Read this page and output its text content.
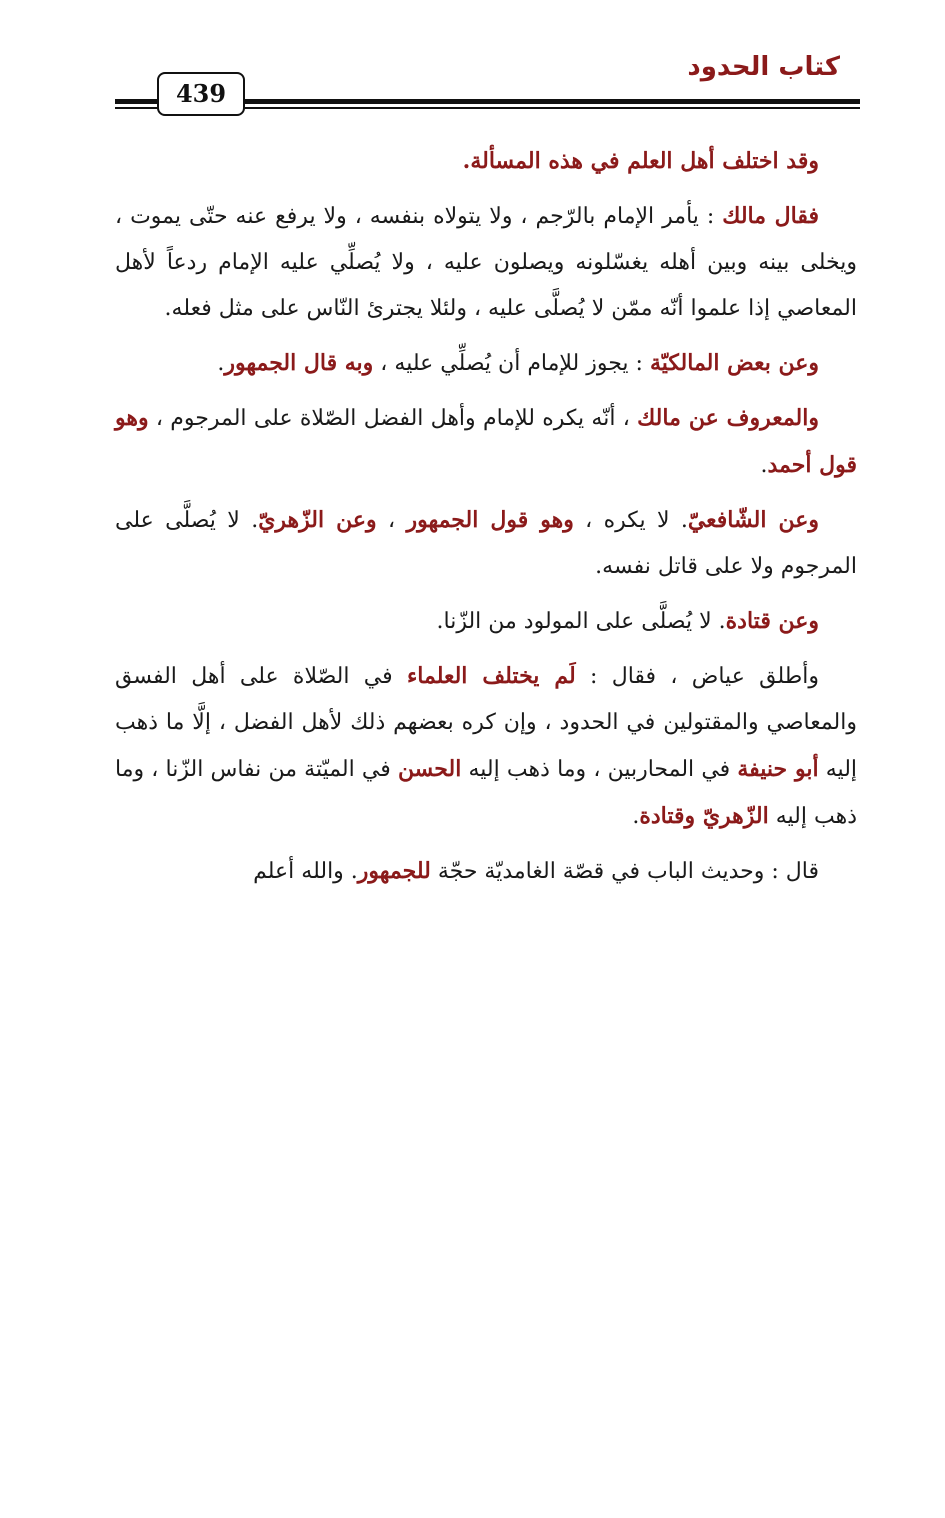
كتاب الحدود
439

وقد اختلف أهل العلم في هذه المسألة.

فقال مالك : يأمر الإمام بالرّجم ، ولا يتولاه بنفسه ، ولا يرفع عنه حتّى يموت ، ويخلى بينه وبين أهله يغسّلونه ويصلون عليه ، ولا يُصلِّي عليه الإمام ردعاً لأهل المعاصي إذا علموا أنّه ممّن لا يُصلَّى عليه ، ولئلا يجترئ النّاس على مثل فعله.

وعن بعض المالكيّة : يجوز للإمام أن يُصلِّي عليه ، وبه قال الجمهور.

والمعروف عن مالك ، أنّه يكره للإمام وأهل الفضل الصّلاة على المرجوم ، وهو قول أحمد.

وعن الشّافعيّ. لا يكره ، وهو قول الجمهور ، وعن الزّهريّ. لا يُصلَّى على المرجوم ولا على قاتل نفسه.

وعن قتادة. لا يُصلَّى على المولود من الزّنا.

وأطلق عياض ، فقال : لَم يختلف العلماء في الصّلاة على أهل الفسق والمعاصي والمقتولين في الحدود ، وإن كره بعضهم ذلك لأهل الفضل ، إلَّا ما ذهب إليه أبو حنيفة في المحاربين ، وما ذهب إليه الحسن في الميّتة من نفاس الزّنا ، وما ذهب إليه الزّهريّ وقتادة.

قال : وحديث الباب في قصّة الغامديّة حجّة للجمهور. والله أعلم
